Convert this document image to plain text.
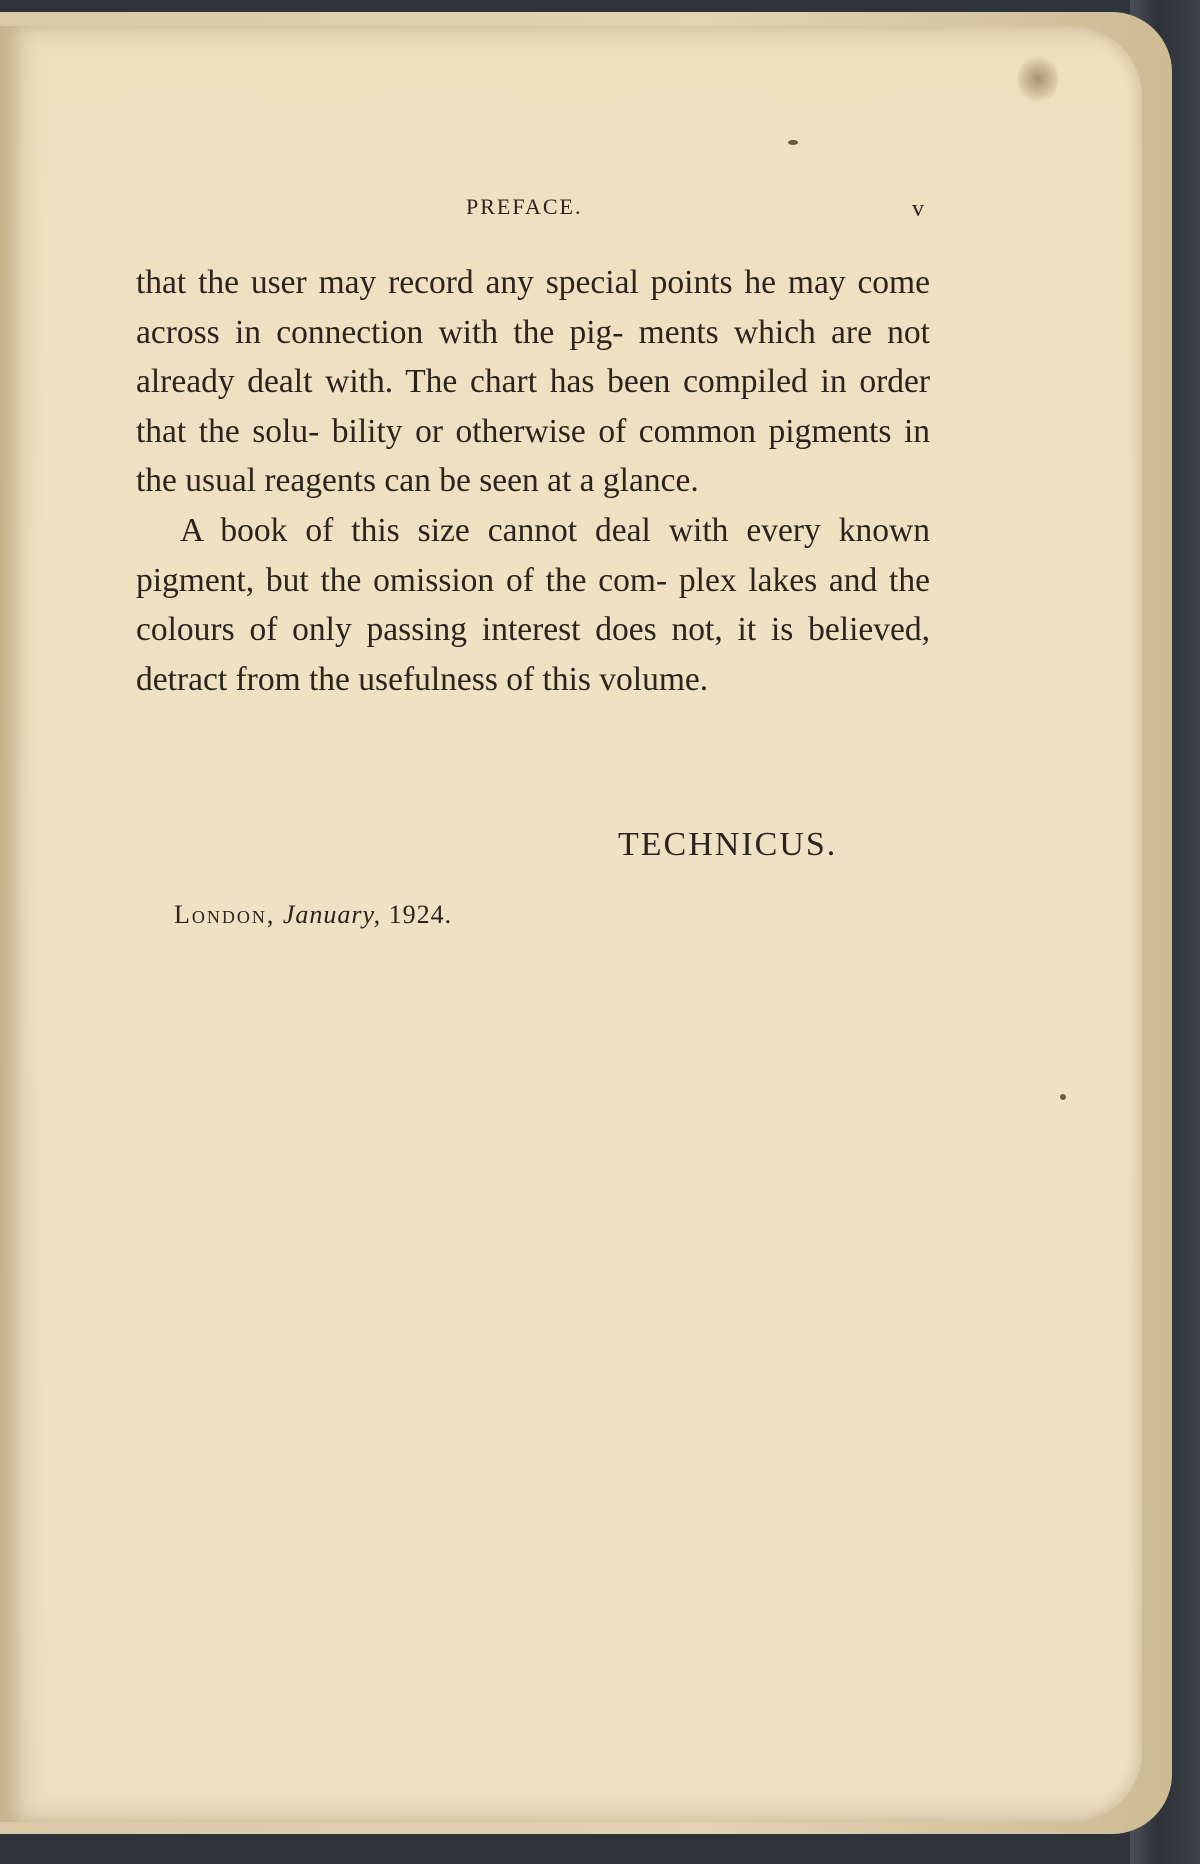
PREFACE.	v

that the user may record any special points he may come across in connection with the pig- ments which are not already dealt with. The chart has been compiled in order that the solu- bility or otherwise of common pigments in the usual reagents can be seen at a glance.

A book of this size cannot deal with every known pigment, but the omission of the com- plex lakes and the colours of only passing interest does not, it is believed, detract from the usefulness of this volume.

TECHNICUS.
London, January, 1924.
